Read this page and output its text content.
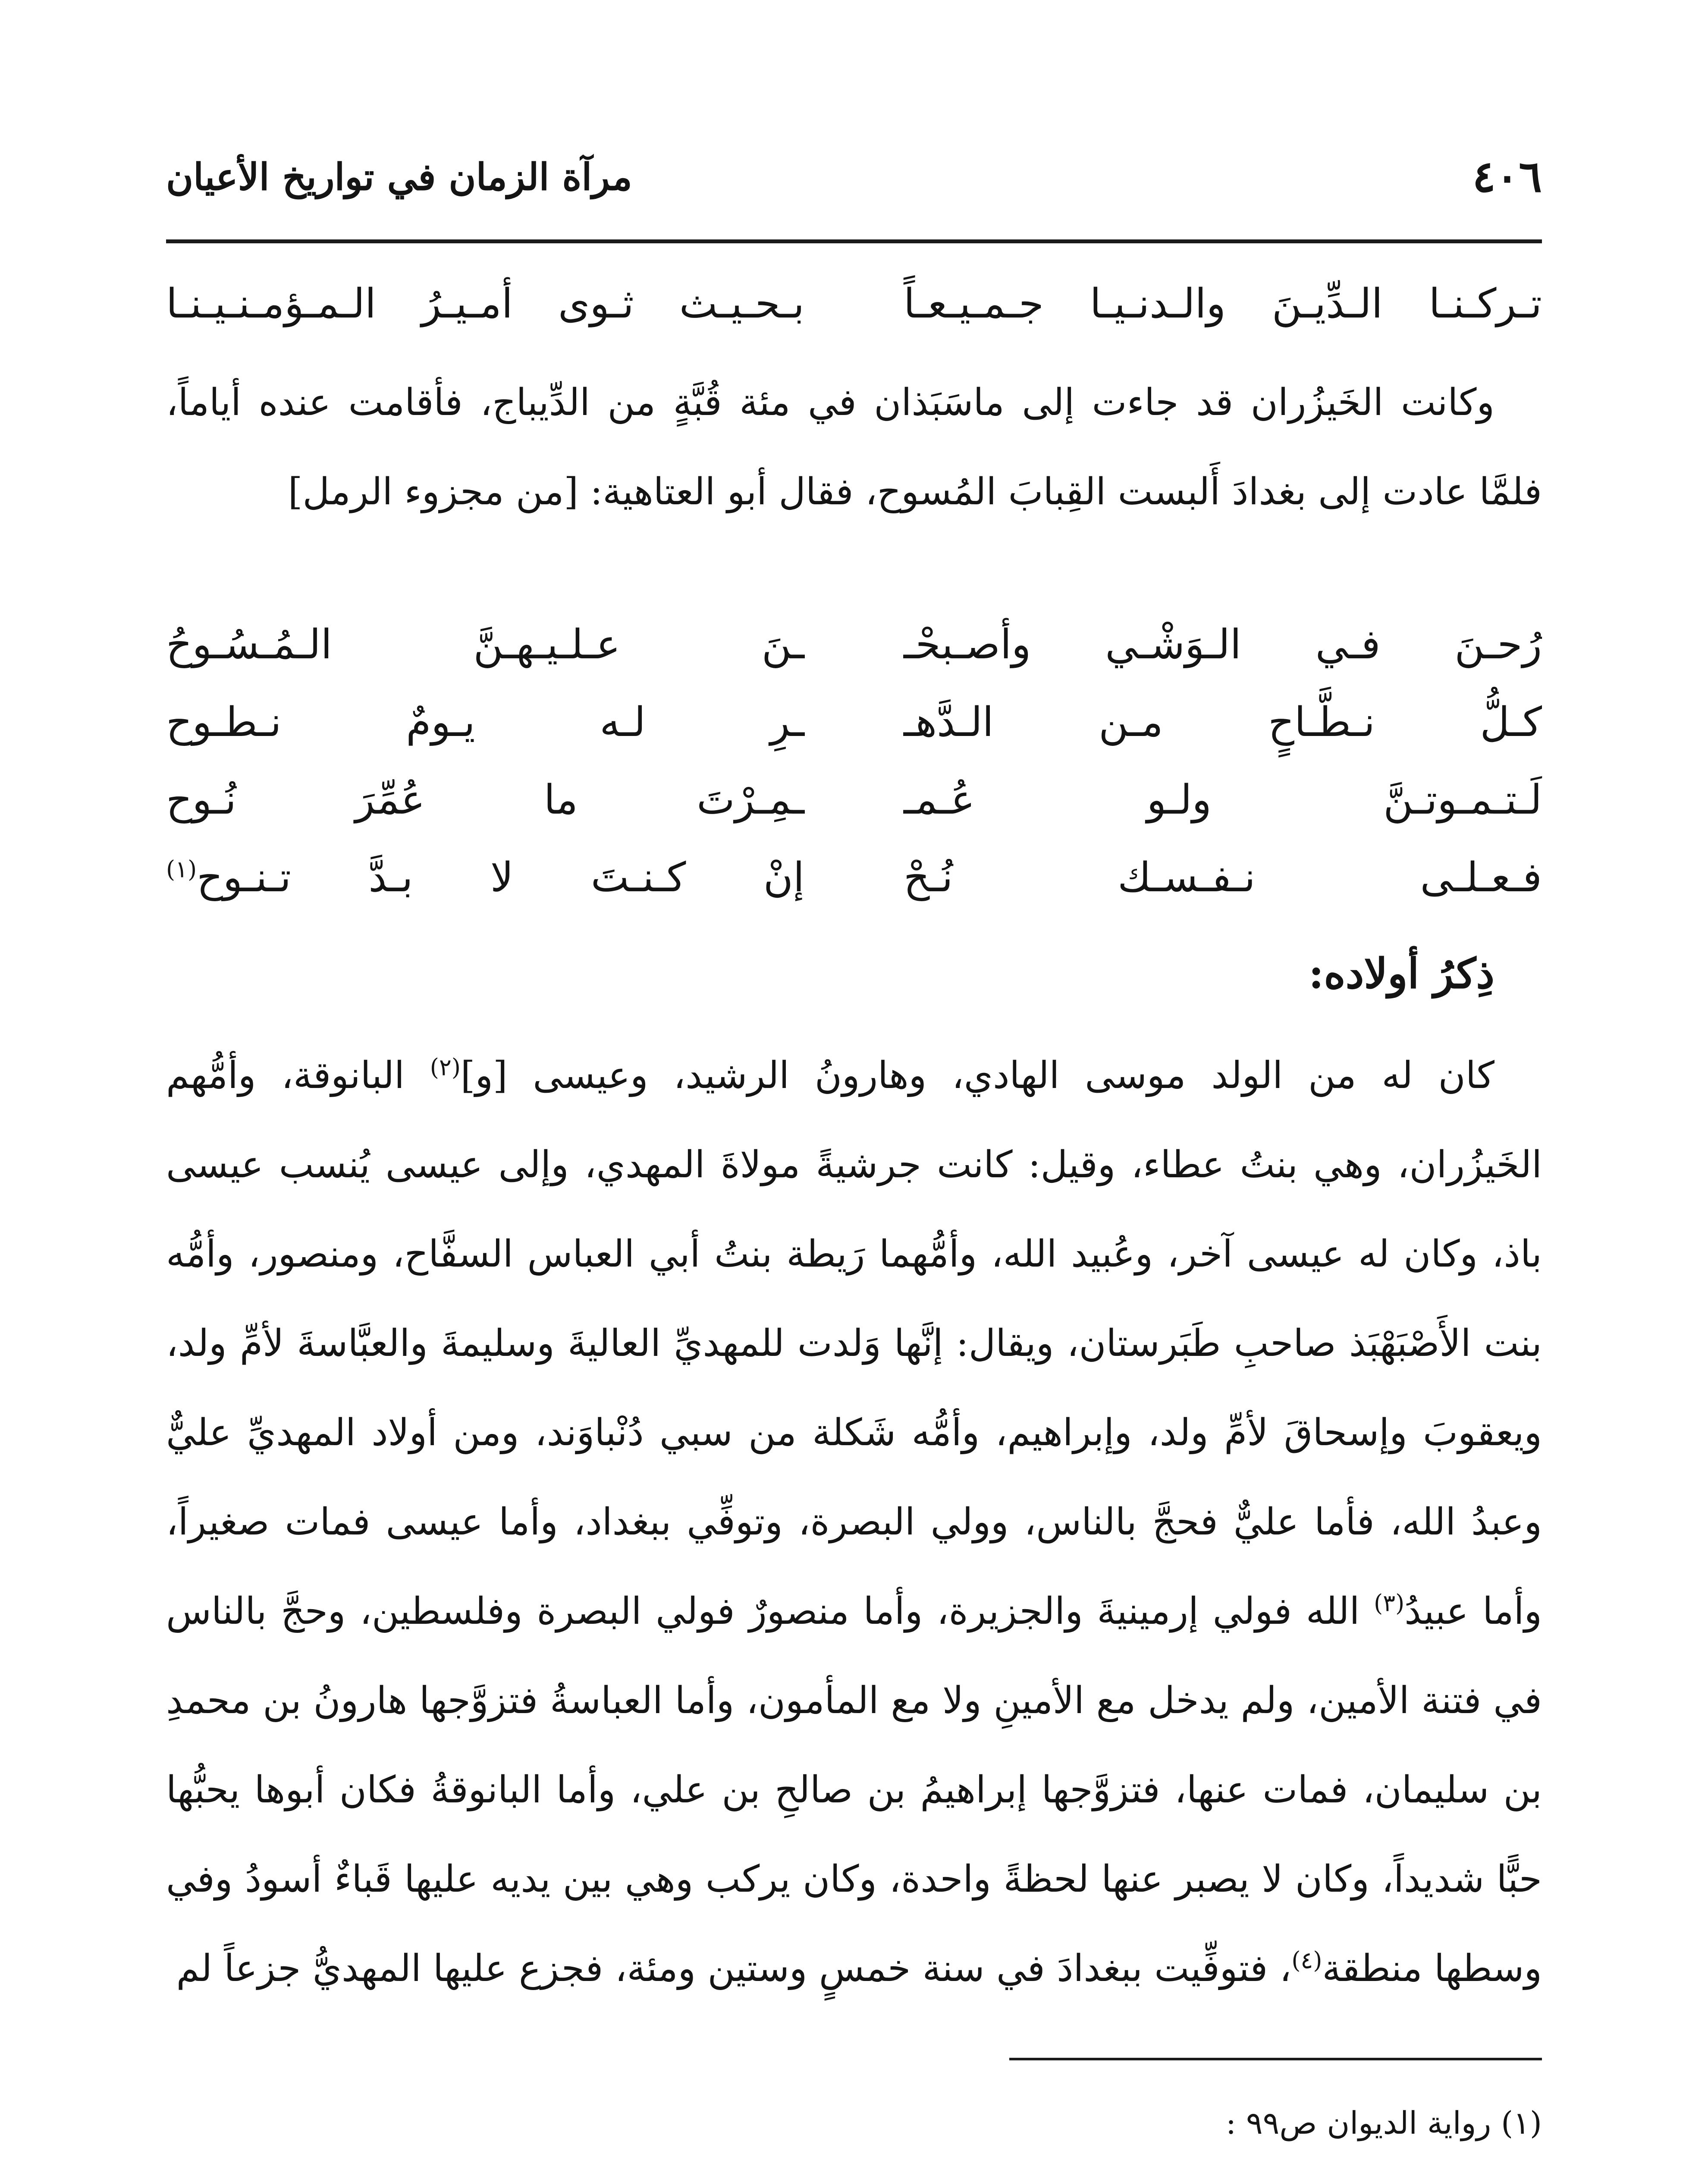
٤٠٦
مرآة الزمان في تواريخ الأعيان
تـركـنـا الـدِّيـنَ والـدنـيـا جـمـيـعـاً
بـحـيـث ثـوى أمـيـرُ الـمـؤمـنـيـنـا

وكانت الخَيزُران قد جاءت إلى ماسَبَذان في مئة قُبَّةٍ من الدِّيباج، فأقامت عنده أياماً، فلمَّا عادت إلى بغدادَ أَلبست القِبابَ المُسوح، فقال أبو العتاهية: [من مجزوء الرمل]

رُحـنَ فـي الـوَشْـي وأصـبحْـ
ـنَ عـلـيـهـنَّ الـمُـسُـوحُ
كـلُّ نـطَّـاحٍ مـن الـدَّهـ
ـرِ لـه يـومٌ نـطـوح
لَـتـمـوتـنَّ ولـو عُـمـ
ـمِـرْتَ ما عُمِّرَ نُـوح
فـعـلـى نـفـسـك نُـحْ
إنْ كـنـتَ لا بـدَّ تـنـوح$^{(١)}$
ذِكرُ أولاده:

كان له من الولد موسى الهادي، وهارونُ الرشيد، وعيسى [و]$^{(٢)}$ البانوقة، وأمُّهم الخَيزُران، وهي بنتُ عطاء، وقيل: كانت جرشيةً مولاةَ المهدي، وإلى عيسى يُنسب عيسى باذ، وكان له عيسى آخر، وعُبيد الله، وأمُّهما رَيطة بنتُ أبي العباس السفَّاح، ومنصور، وأمُّه بنت الأَصْبَهْبَذ صاحبِ طَبَرستان، ويقال: إنَّها وَلدت للمهديِّ العاليةَ وسليمةَ والعبَّاسةَ لأمِّ ولد، ويعقوبَ وإسحاقَ لأمِّ ولد، وإبراهيم، وأمُّه شَكلة من سبي دُنْباوَند، ومن أولاد المهديِّ عليٌّ وعبدُ الله، فأما عليٌّ فحجَّ بالناس، وولي البصرة، وتوفِّي ببغداد، وأما عيسى فمات صغيراً، وأما عبيدُ$^{(٣)}$ الله فولي إرمينيةَ والجزيرة، وأما منصورٌ فولي البصرة وفلسطين، وحجَّ بالناس في فتنة الأمين، ولم يدخل مع الأمينِ ولا مع المأمون، وأما العباسةُ فتزوَّجها هارونُ بن محمدِ بن سليمان، فمات عنها، فتزوَّجها إبراهيمُ بن صالحِ بن علي، وأما البانوقةُ فكان أبوها يحبُّها حبًّا شديداً، وكان لا يصبر عنها لحظةً واحدة، وكان يركب وهي بين يديه عليها قَباءٌ أسودُ وفي وسطها منطقة$^{(٤)}$، فتوفِّيت ببغدادَ في سنة خمسٍ وستين ومئة، فجزع عليها المهديُّ جزعاً لم

(١) رواية الديوان ص٩٩ :
